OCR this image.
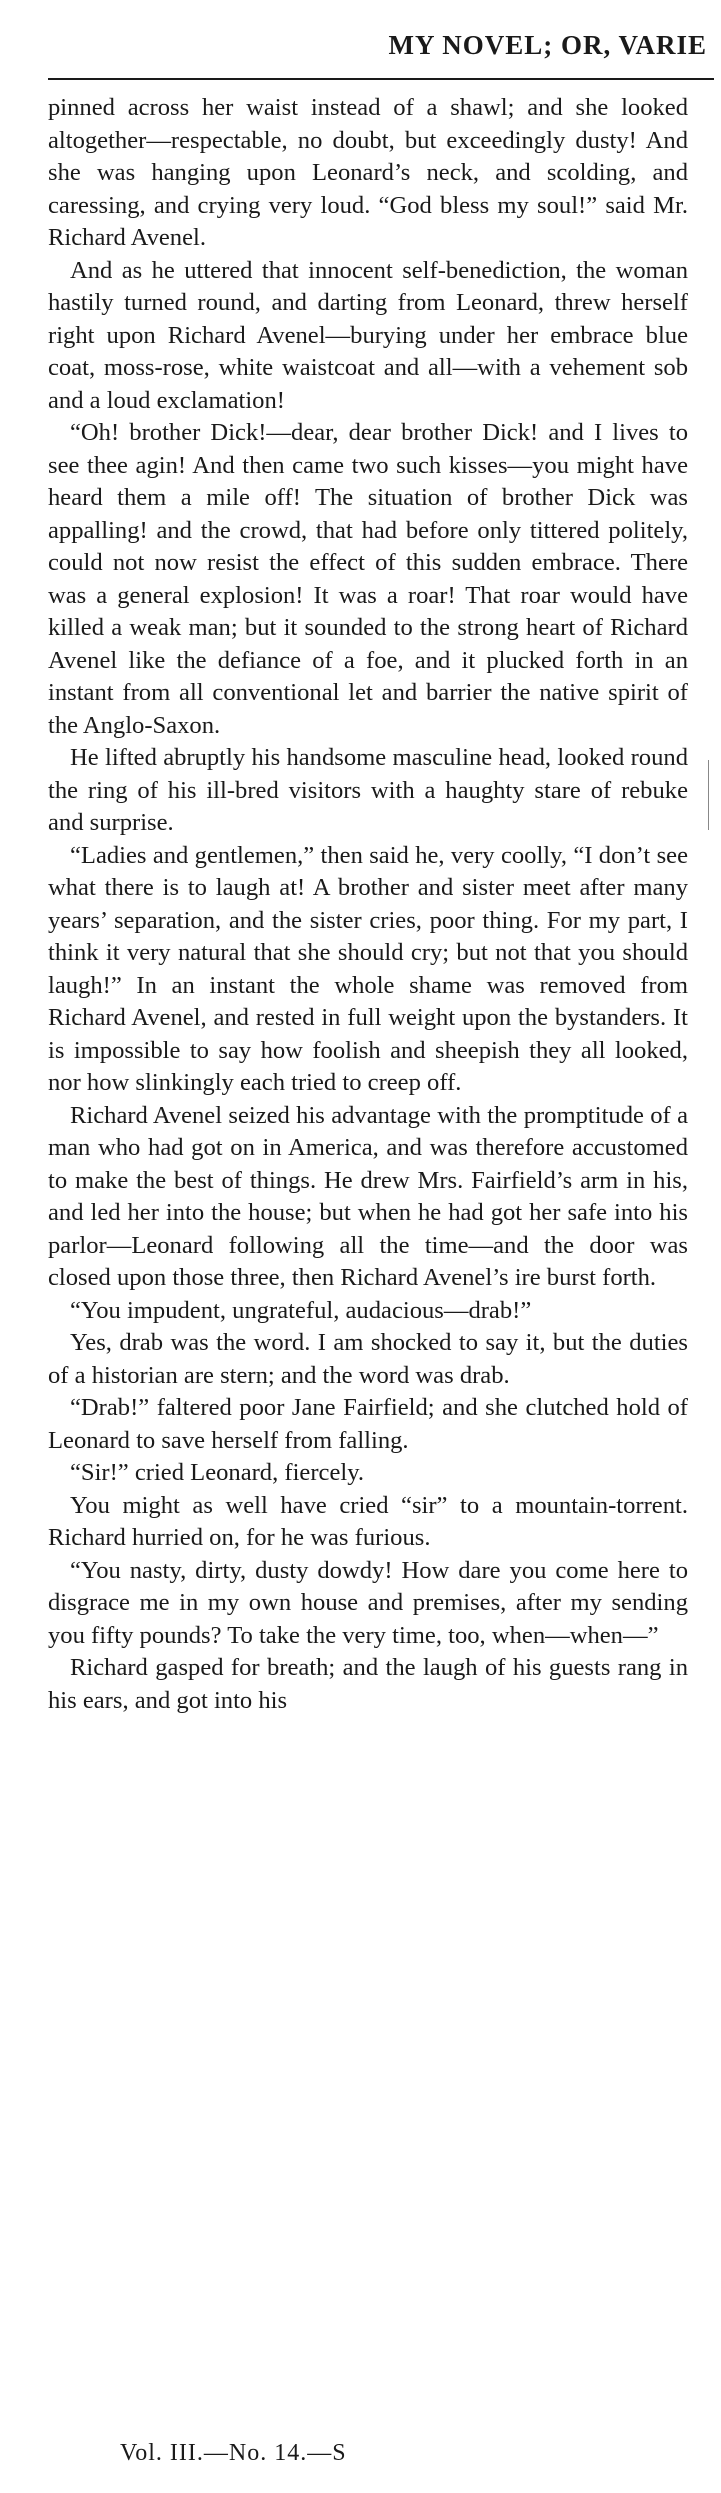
MY NOVEL; OR, VARIE

pinned across her waist instead of a shawl; and she looked altogether—respectable, no doubt, but exceedingly dusty! And she was hanging upon Leonard’s neck, and scolding, and caressing, and crying very loud. “God bless my soul!” said Mr. Richard Avenel.

And as he uttered that innocent self-benediction, the woman hastily turned round, and darting from Leonard, threw herself right upon Richard Avenel—burying under her embrace blue coat, moss-rose, white waistcoat and all—with a vehement sob and a loud exclamation!

“Oh! brother Dick!—dear, dear brother Dick! and I lives to see thee agin! And then came two such kisses—you might have heard them a mile off! The situation of brother Dick was appalling! and the crowd, that had before only tittered politely, could not now resist the effect of this sudden embrace. There was a general explosion! It was a roar! That roar would have killed a weak man; but it sounded to the strong heart of Richard Avenel like the defiance of a foe, and it plucked forth in an instant from all conventional let and barrier the native spirit of the Anglo-Saxon.

He lifted abruptly his handsome masculine head, looked round the ring of his ill-bred visitors with a haughty stare of rebuke and surprise.

“Ladies and gentlemen,” then said he, very coolly, “I don’t see what there is to laugh at! A brother and sister meet after many years’ separation, and the sister cries, poor thing. For my part, I think it very natural that she should cry; but not that you should laugh!” In an instant the whole shame was removed from Richard Avenel, and rested in full weight upon the bystanders. It is impossible to say how foolish and sheepish they all looked, nor how slinkingly each tried to creep off.

Richard Avenel seized his advantage with the promptitude of a man who had got on in America, and was therefore accustomed to make the best of things. He drew Mrs. Fairfield’s arm in his, and led her into the house; but when he had got her safe into his parlor—Leonard following all the time—and the door was closed upon those three, then Richard Avenel’s ire burst forth.

“You impudent, ungrateful, audacious—drab!”

Yes, drab was the word. I am shocked to say it, but the duties of a historian are stern; and the word was drab.

“Drab!” faltered poor Jane Fairfield; and she clutched hold of Leonard to save herself from falling.

“Sir!” cried Leonard, fiercely.

You might as well have cried “sir” to a mountain-torrent. Richard hurried on, for he was furious.

“You nasty, dirty, dusty dowdy! How dare you come here to disgrace me in my own house and premises, after my sending you fifty pounds? To take the very time, too, when—when—”

Richard gasped for breath; and the laugh of his guests rang in his ears, and got into his

Vol. III.—No. 14.—S
